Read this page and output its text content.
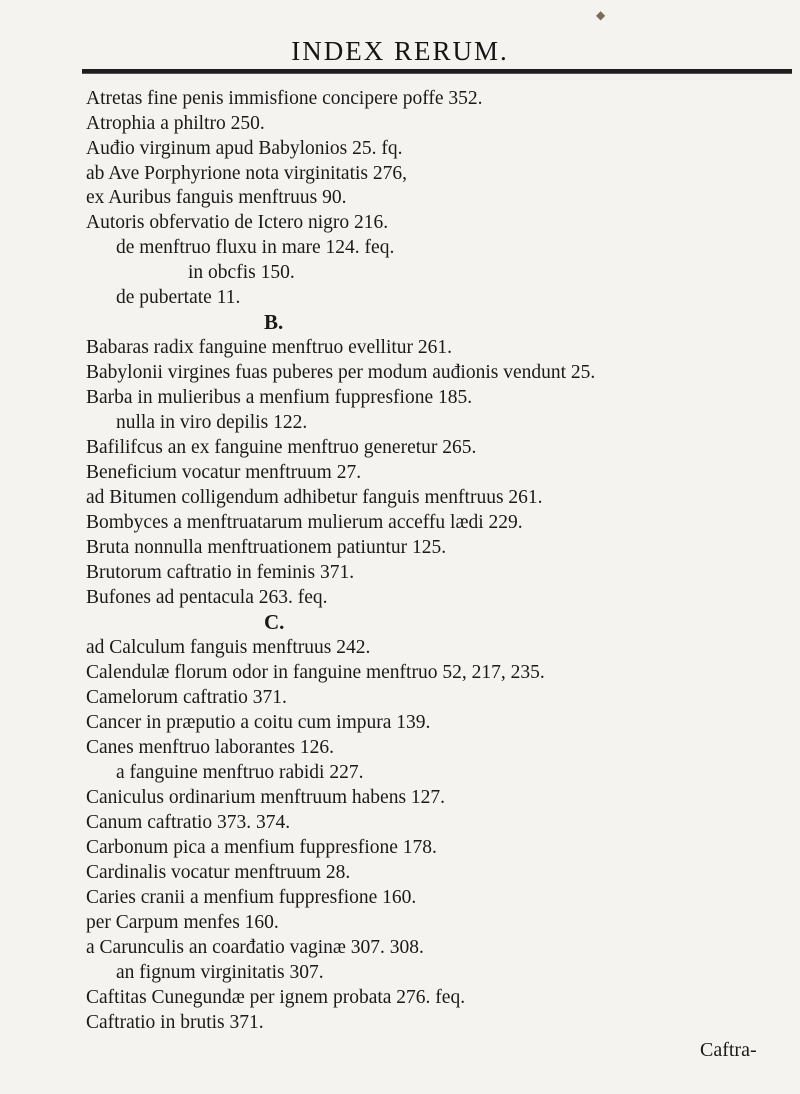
◆
INDEX RERUM.
Atretas fine penis immisfione concipere poffe 352.
Atrophia a philtro 250.
Auđio virginum apud Babylonios 25. fq.
ab Ave Porphyrione nota virginitatis 276,
ex Auribus fanguis menftruus 90.
Autoris obfervatio de Ictero nigro 216.
de menftruo fluxu in mare 124. feq.
in obcfis 150.
de pubertate 11.
B.
Babaras radix fanguine menftruo evellitur 261.
Babylonii virgines fuas puberes per modum auđionis vendunt 25.
Barba in mulieribus a menfium fuppresfione 185.
nulla in viro depilis 122.
Bafilifcus an ex fanguine menftruo generetur 265.
Beneficium vocatur menftruum 27.
ad Bitumen colligendum adhibetur fanguis menftruus 261.
Bombyces a menftruatarum mulierum acceffu lædi 229.
Bruta nonnulla menftruationem patiuntur 125.
Brutorum caftratio in feminis 371.
Bufones ad pentacula 263. feq.
C.
ad Calculum fanguis menftruus 242.
Calendulæ florum odor in fanguine menftruo 52, 217, 235.
Camelorum caftratio 371.
Cancer in præputio a coitu cum impura 139.
Canes menftruo laborantes 126.
a fanguine menftruo rabidi 227.
Caniculus ordinarium menftruum habens 127.
Canum caftratio 373. 374.
Carbonum pica a menfium fuppresfione 178.
Cardinalis vocatur menftruum 28.
Caries cranii a menfium fuppresfione 160.
per Carpum menfes 160.
a Carunculis an coarđatio vaginæ 307. 308.
an fignum virginitatis 307.
Caftitas Cunegundæ per ignem probata 276. feq.
Caftratio in brutis 371.
Caftra-
